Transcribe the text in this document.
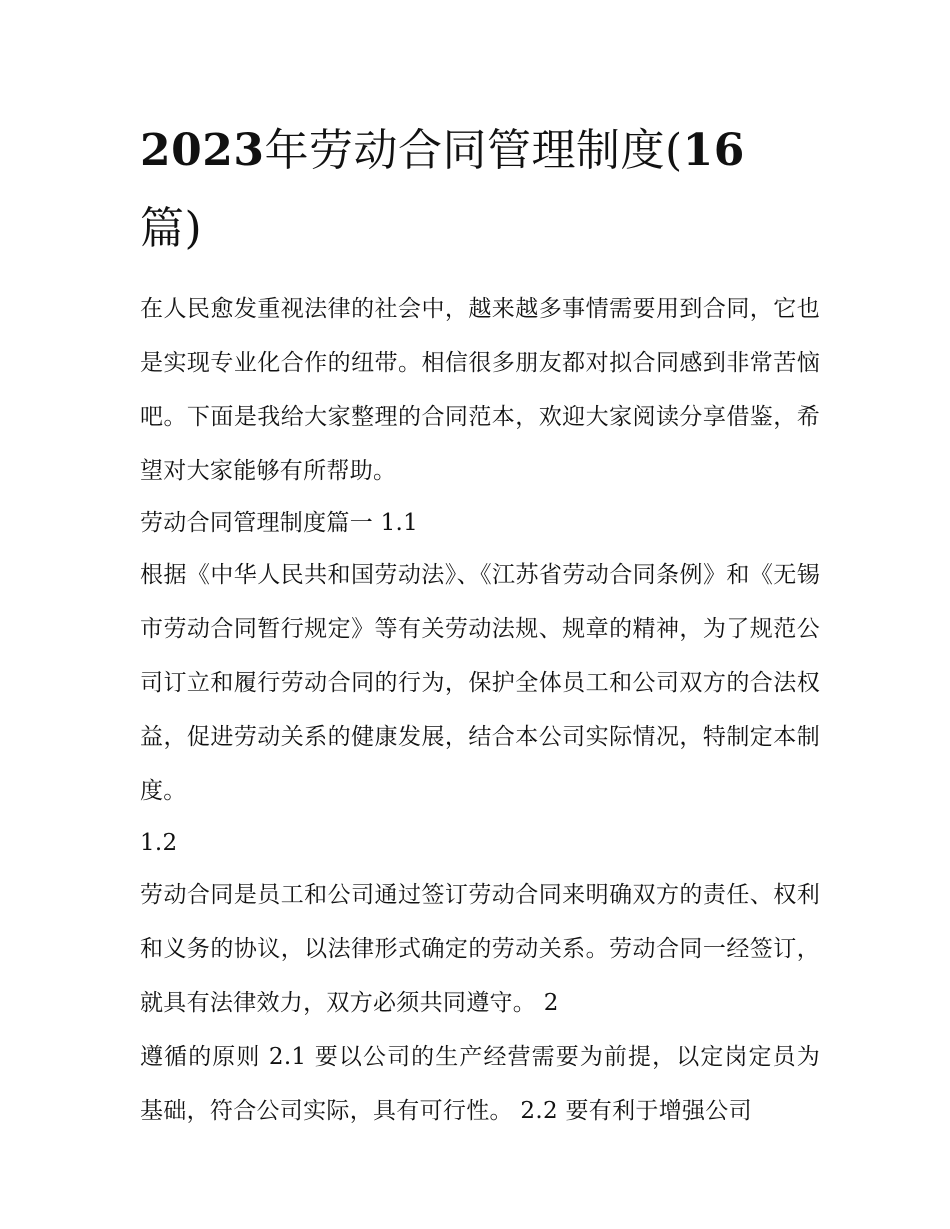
2023年劳动合同管理制度(16
篇)

在人民愈发重视法律的社会中，越来越多事情需要用到合同，它也是实现专业化合作的纽带。相信很多朋友都对拟合同感到非常苦恼吧。下面是我给大家整理的合同范本，欢迎大家阅读分享借鉴，希望对大家能够有所帮助。

劳动合同管理制度篇一 1.1

根据《中华人民共和国劳动法》、《江苏省劳动合同条例》和《无锡市劳动合同暂行规定》等有关劳动法规、规章的精神，为了规范公司订立和履行劳动合同的行为，保护全体员工和公司双方的合法权益，促进劳动关系的健康发展，结合本公司实际情况，特制定本制度。

1.2

劳动合同是员工和公司通过签订劳动合同来明确双方的责任、权利和义务的协议，以法律形式确定的劳动关系。劳动合同一经签订，就具有法律效力，双方必须共同遵守。 2

遵循的原则 2.1 要以公司的生产经营需要为前提，以定岗定员为基础，符合公司实际，具有可行性。 2.2 要有利于增强公司
